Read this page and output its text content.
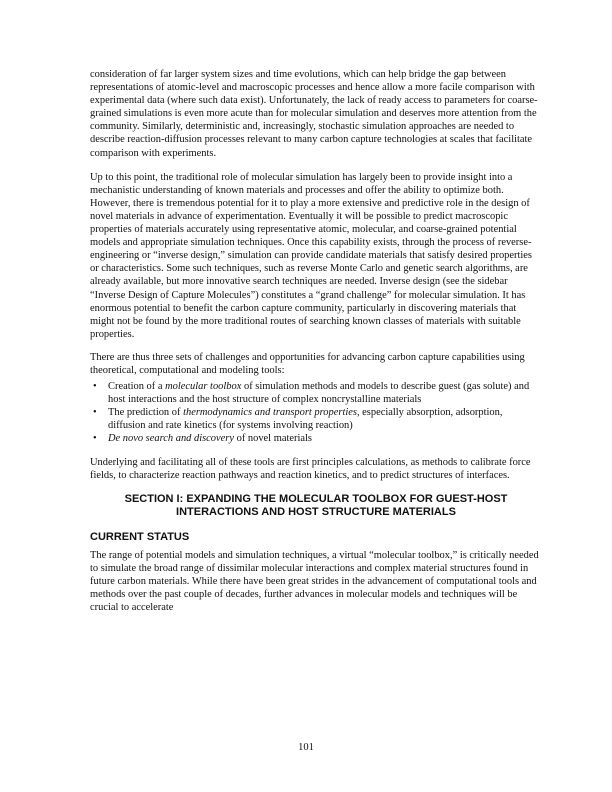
consideration of far larger system sizes and time evolutions, which can help bridge the gap between representations of atomic-level and macroscopic processes and hence allow a more facile comparison with experimental data (where such data exist). Unfortunately, the lack of ready access to parameters for coarse-grained simulations is even more acute than for molecular simulation and deserves more attention from the community. Similarly, deterministic and, increasingly, stochastic simulation approaches are needed to describe reaction-diffusion processes relevant to many carbon capture technologies at scales that facilitate comparison with experiments.

Up to this point, the traditional role of molecular simulation has largely been to provide insight into a mechanistic understanding of known materials and processes and offer the ability to optimize both. However, there is tremendous potential for it to play a more extensive and predictive role in the design of novel materials in advance of experimentation. Eventually it will be possible to predict macroscopic properties of materials accurately using representative atomic, molecular, and coarse-grained potential models and appropriate simulation techniques. Once this capability exists, through the process of reverse-engineering or “inverse design,” simulation can provide candidate materials that satisfy desired properties or characteristics. Some such techniques, such as reverse Monte Carlo and genetic search algorithms, are already available, but more innovative search techniques are needed. Inverse design (see the sidebar “Inverse Design of Capture Molecules”) constitutes a “grand challenge” for molecular simulation. It has enormous potential to benefit the carbon capture community, particularly in discovering materials that might not be found by the more traditional routes of searching known classes of materials with suitable properties.

There are thus three sets of challenges and opportunities for advancing carbon capture capabilities using theoretical, computational and modeling tools:

• Creation of a molecular toolbox of simulation methods and models to describe guest (gas solute) and host interactions and the host structure of complex noncrystalline materials
• The prediction of thermodynamics and transport properties, especially absorption, adsorption, diffusion and rate kinetics (for systems involving reaction)
• De novo search and discovery of novel materials

Underlying and facilitating all of these tools are first principles calculations, as methods to calibrate force fields, to characterize reaction pathways and reaction kinetics, and to predict structures of interfaces.

SECTION I: EXPANDING THE MOLECULAR TOOLBOX FOR GUEST-HOST
INTERACTIONS AND HOST STRUCTURE MATERIALS
CURRENT STATUS

The range of potential models and simulation techniques, a virtual “molecular toolbox,” is critically needed to simulate the broad range of dissimilar molecular interactions and complex material structures found in future carbon materials. While there have been great strides in the advancement of computational tools and methods over the past couple of decades, further advances in molecular models and techniques will be crucial to accelerate

101
